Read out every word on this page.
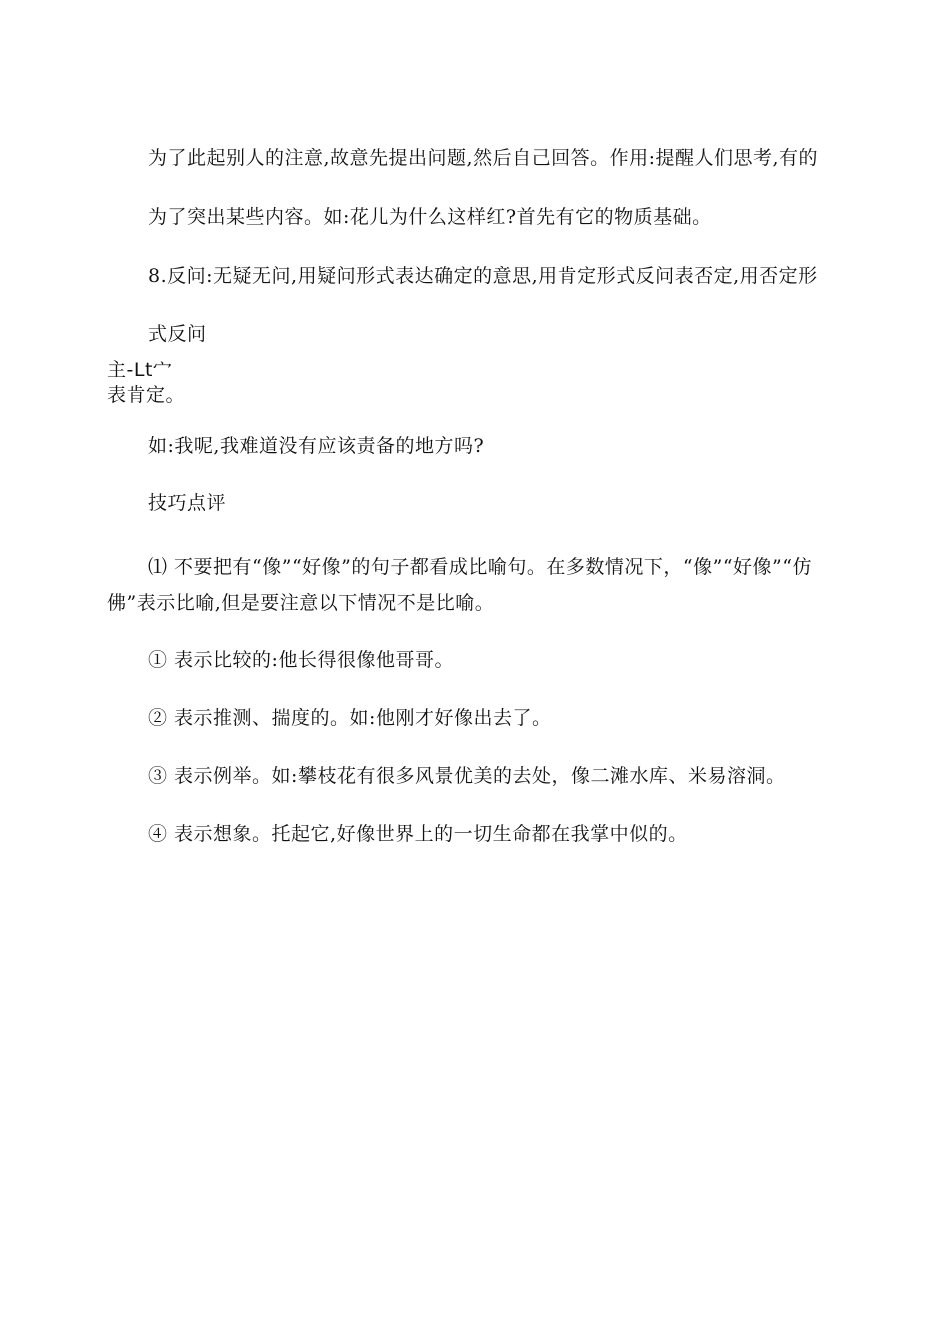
为了此起别人的注意,故意先提出问题,然后自己回答。作用:提醒人们思考,有的
为了突出某些内容。如:花儿为什么这样红?首先有它的物质基础。
8.反问:无疑无问,用疑问形式表达确定的意思,用肯定形式反问表否定,用否定形
式反问
主-Lt宀
表肯定。
如:我呢,我难道没有应该责备的地方吗?
技巧点评
⑴ 不要把有“像”“好像”的句子都看成比喻句。在多数情况下，“像”“好像”“仿
佛”表示比喻,但是要注意以下情况不是比喻。
① 表示比较的:他长得很像他哥哥。
② 表示推测、揣度的。如:他刚才好像出去了。
③ 表示例举。如:攀枝花有很多风景优美的去处，像二滩水库、米易溶洞。
④ 表示想象。托起它,好像世界上的一切生命都在我掌中似的。
